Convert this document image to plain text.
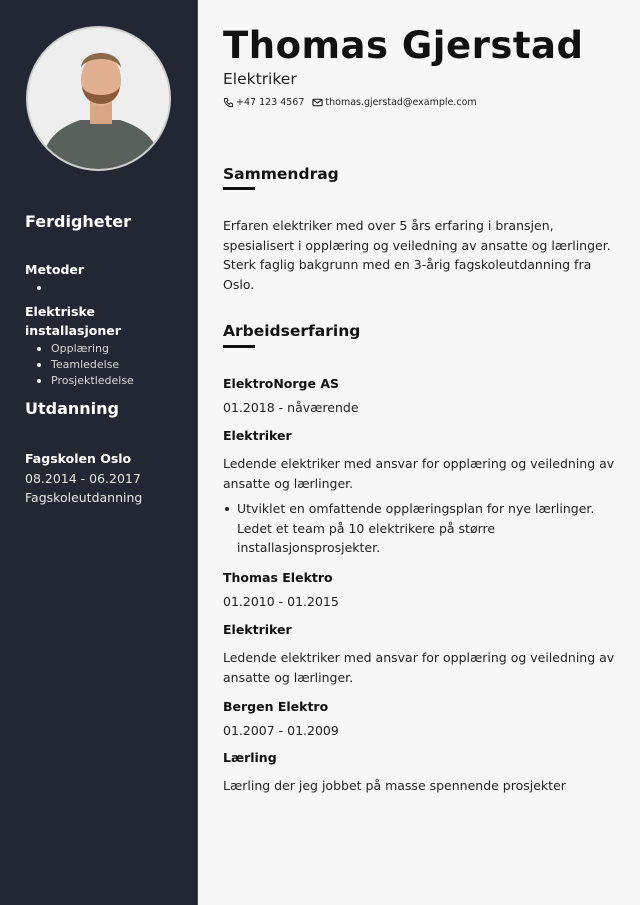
Ferdigheter
Metoder
Elektriske
installasjoner
Opplæring
Teamledelse
Prosjektledelse
Utdanning
Fagskolen Oslo
08.2014 - 06.2017
Fagskoleutdanning
Thomas Gjerstad
Elektriker
+47 123 4567 thomas.gjerstad@example.com
Sammendrag

Erfaren elektriker med over 5 års erfaring i bransjen, spesialisert i opplæring og veiledning av ansatte og lærlinger. Sterk faglig bakgrunn med en 3-årig fagskoleutdanning fra Oslo.

Arbeidserfaring
ElektroNorge AS
01.2018 - nåværende
Elektriker

Ledende elektriker med ansvar for opplæring og veiledning av ansatte og lærlinger.

Utviklet en omfattende opplæringsplan for nye lærlinger. Ledet et team på 10 elektrikere på større installasjonsprosjekter.
Thomas Elektro
01.2010 - 01.2015
Elektriker

Ledende elektriker med ansvar for opplæring og veiledning av ansatte og lærlinger.

Bergen Elektro
01.2007 - 01.2009
Lærling

Lærling der jeg jobbet på masse spennende prosjekter
